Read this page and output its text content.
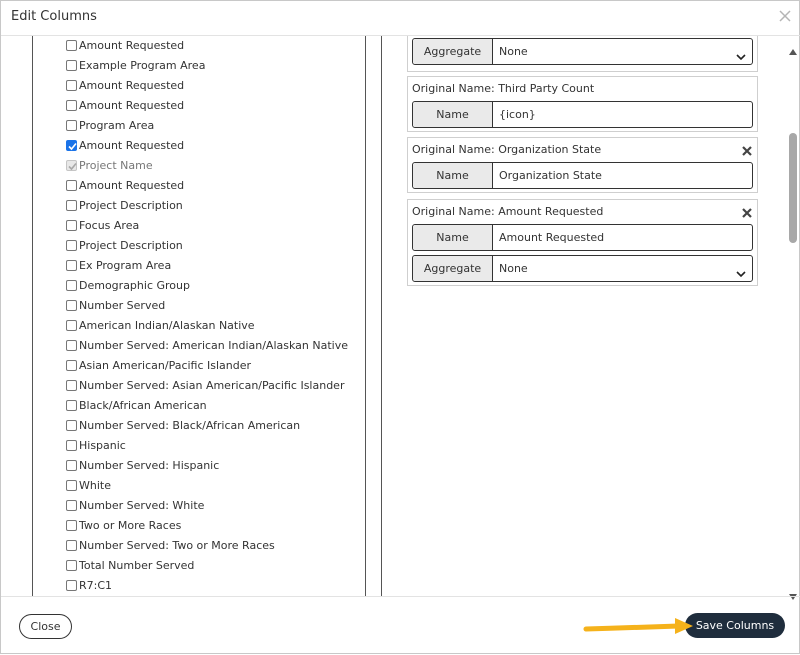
Edit Columns
Amount Requested
Example Program Area
Amount Requested
Amount Requested
Program Area
Amount Requested
Project Name
Amount Requested
Project Description
Focus Area
Project Description
Ex Program Area
Demographic Group
Number Served
American Indian/Alaskan Native
Number Served: American Indian/Alaskan Native
Asian American/Pacific Islander
Number Served: Asian American/Pacific Islander
Black/African American
Number Served: Black/African American
Hispanic
Number Served: Hispanic
White
Number Served: White
Two or More Races
Number Served: Two or More Races
Total Number Served
R7:C1
Aggregate	None
Original Name: Third Party Count
Name	{icon}
Original Name: Organization State
Name	Organization State
Original Name: Amount Requested
Name	Amount Requested
Aggregate	None
Close	Save Columns
